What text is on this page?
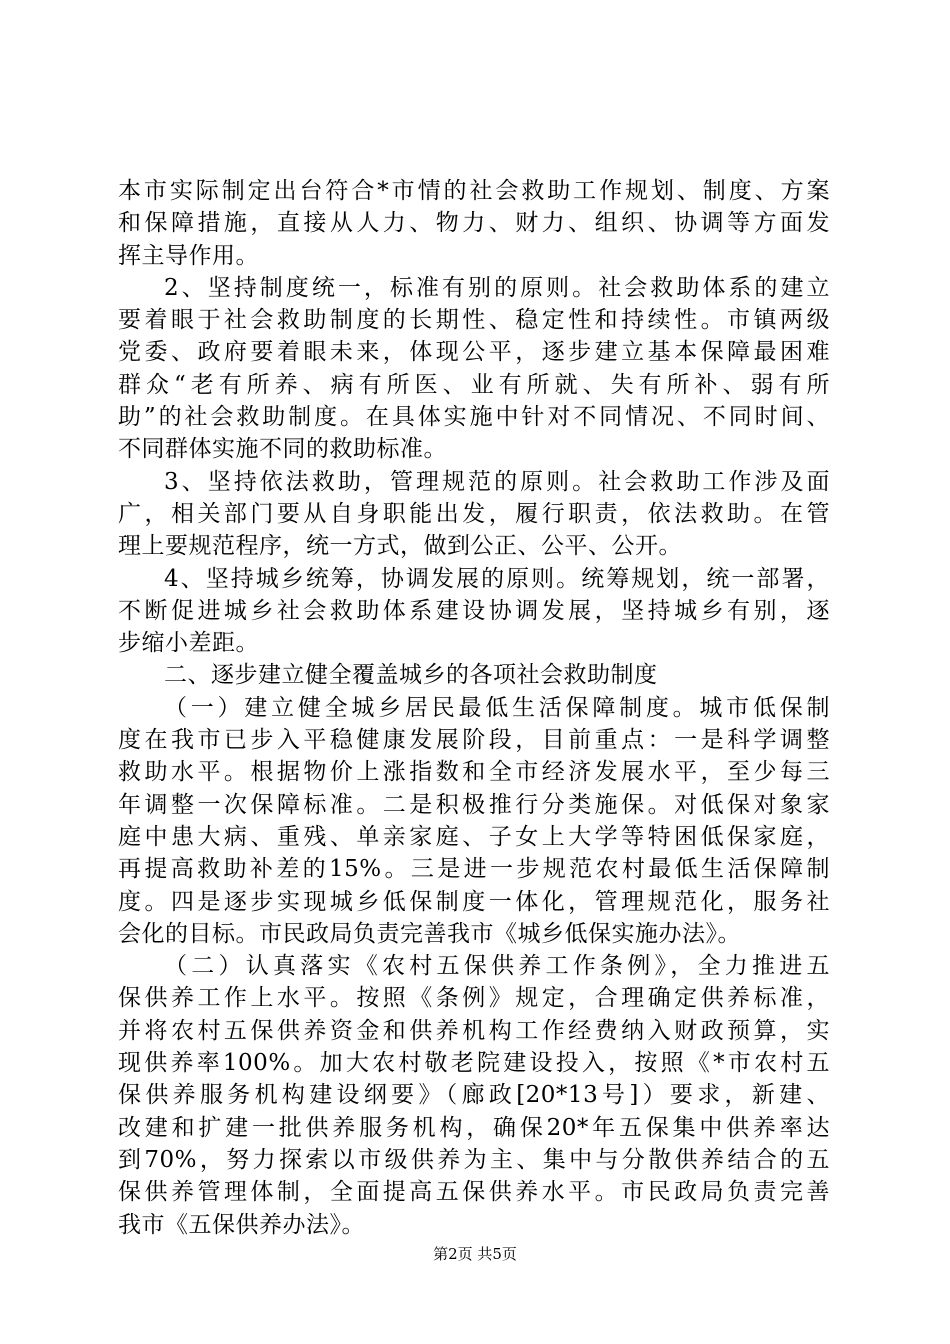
本市实际制定出台符合*市情的社会救助工作规划、制度、方案
和保障措施，直接从人力、物力、财力、组织、协调等方面发
挥主导作用。
2、坚持制度统一，标准有别的原则。社会救助体系的建立
要着眼于社会救助制度的长期性、稳定性和持续性。市镇两级
党委、政府要着眼未来，体现公平，逐步建立基本保障最困难
群众“老有所养、病有所医、业有所就、失有所补、弱有所
助”的社会救助制度。在具体实施中针对不同情况、不同时间、
不同群体实施不同的救助标准。
3、坚持依法救助，管理规范的原则。社会救助工作涉及面
广，相关部门要从自身职能出发，履行职责，依法救助。在管
理上要规范程序，统一方式，做到公正、公平、公开。
4、坚持城乡统筹，协调发展的原则。统筹规划，统一部署，
不断促进城乡社会救助体系建设协调发展，坚持城乡有别，逐
步缩小差距。
二、逐步建立健全覆盖城乡的各项社会救助制度
（一）建立健全城乡居民最低生活保障制度。城市低保制
度在我市已步入平稳健康发展阶段，目前重点：一是科学调整
救助水平。根据物价上涨指数和全市经济发展水平，至少每三
年调整一次保障标准。二是积极推行分类施保。对低保对象家
庭中患大病、重残、单亲家庭、子女上大学等特困低保家庭，
再提高救助补差的15%。三是进一步规范农村最低生活保障制
度。四是逐步实现城乡低保制度一体化，管理规范化，服务社
会化的目标。市民政局负责完善我市《城乡低保实施办法》。
（二）认真落实《农村五保供养工作条例》，全力推进五
保供养工作上水平。按照《条例》规定，合理确定供养标准，
并将农村五保供养资金和供养机构工作经费纳入财政预算，实
现供养率100%。加大农村敬老院建设投入，按照《*市农村五
保供养服务机构建设纲要》（廊政[20*13号]）要求，新建、
改建和扩建一批供养服务机构，确保20*年五保集中供养率达
到70%，努力探索以市级供养为主、集中与分散供养结合的五
保供养管理体制，全面提高五保供养水平。市民政局负责完善
我市《五保供养办法》。
第2页 共5页
